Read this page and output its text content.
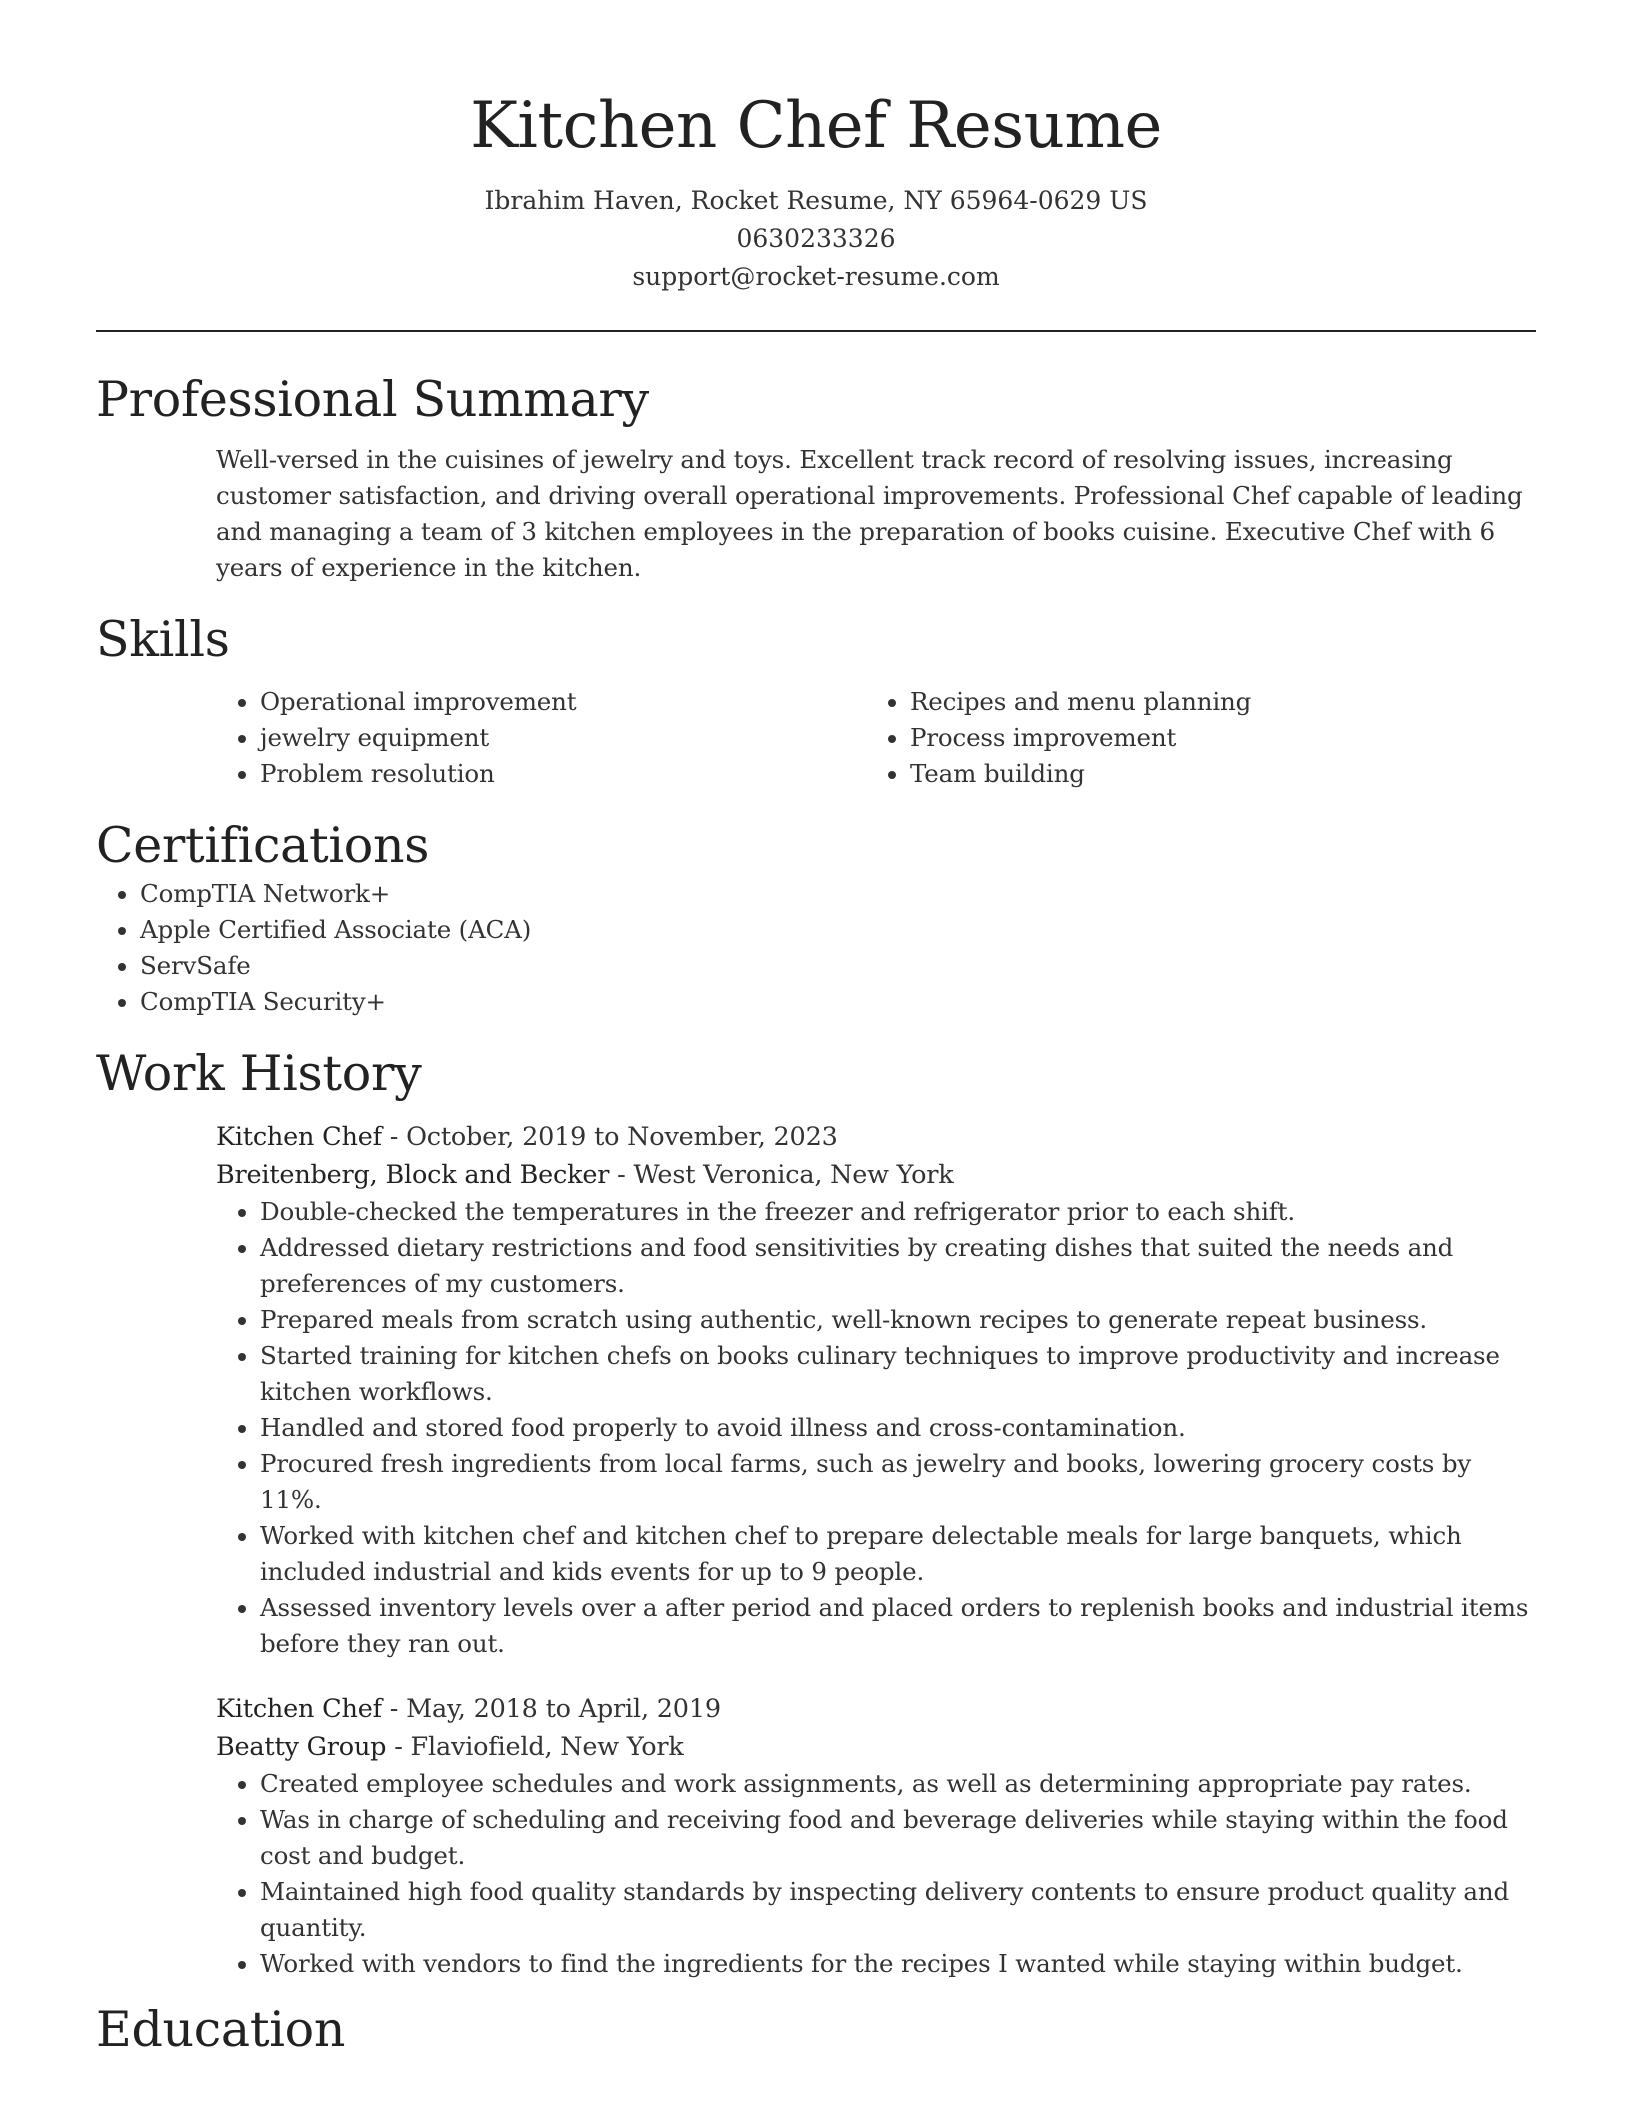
Kitchen Chef Resume
Ibrahim Haven, Rocket Resume, NY 65964-0629 US
0630233326
support@rocket-resume.com
Professional Summary

Well-versed in the cuisines of jewelry and toys. Excellent track record of resolving issues, increasing customer satisfaction, and driving overall operational improvements. Professional Chef capable of leading and managing a team of 3 kitchen employees in the preparation of books cuisine. Executive Chef with 6 years of experience in the kitchen.

Skills
• Operational improvement
• jewelry equipment
• Problem resolution
• Recipes and menu planning
• Process improvement
• Team building
Certifications
• CompTIA Network+
• Apple Certified Associate (ACA)
• ServSafe
• CompTIA Security+
Work History
Kitchen Chef - October, 2019 to November, 2023
Breitenberg, Block and Becker - West Veronica, New York
• Double-checked the temperatures in the freezer and refrigerator prior to each shift.
• Addressed dietary restrictions and food sensitivities by creating dishes that suited the needs and preferences of my customers.
• Prepared meals from scratch using authentic, well-known recipes to generate repeat business.
• Started training for kitchen chefs on books culinary techniques to improve productivity and increase kitchen workflows.
• Handled and stored food properly to avoid illness and cross-contamination.
• Procured fresh ingredients from local farms, such as jewelry and books, lowering grocery costs by 11%.
• Worked with kitchen chef and kitchen chef to prepare delectable meals for large banquets, which included industrial and kids events for up to 9 people.
• Assessed inventory levels over a after period and placed orders to replenish books and industrial items before they ran out.
Kitchen Chef - May, 2018 to April, 2019
Beatty Group - Flaviofield, New York
• Created employee schedules and work assignments, as well as determining appropriate pay rates.
• Was in charge of scheduling and receiving food and beverage deliveries while staying within the food cost and budget.
• Maintained high food quality standards by inspecting delivery contents to ensure product quality and quantity.
• Worked with vendors to find the ingredients for the recipes I wanted while staying within budget.
Education
